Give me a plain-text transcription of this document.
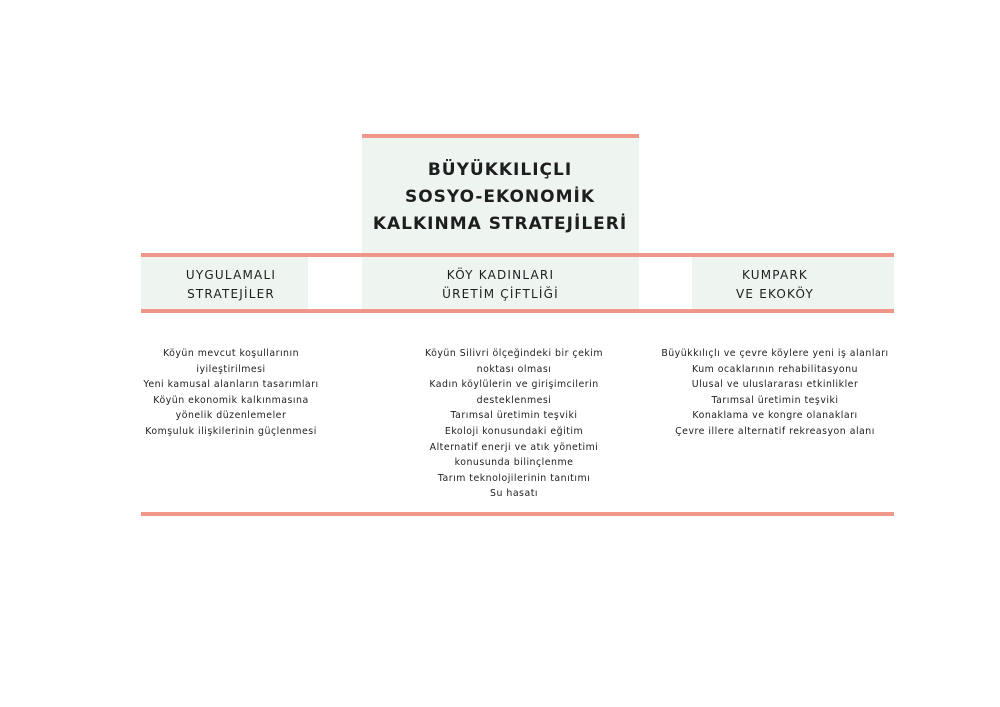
BÜYÜKKILIÇLI
SOSYO-EKONOMİK
KALKINMA STRATEJİLERİ
UYGULAMALI
STRATEJİLER
KÖY KADINLARI
ÜRETİM ÇİFTLİĞİ
KUMPARK
VE EKOKÖY
Köyün mevcut koşullarının
iyileştirilmesi
Yeni kamusal alanların tasarımları
Köyün ekonomik kalkınmasına
yönelik düzenlemeler
Komşuluk ilişkilerinin güçlenmesi
Köyün Silivri ölçeğindeki bir çekim
noktası olması
Kadın köylülerin ve girişimcilerin
desteklenmesi
Tarımsal üretimin teşviki
Ekoloji konusundaki eğitim
Alternatif enerji ve atık yönetimi
konusunda bilinçlenme
Tarım teknolojilerinin tanıtımı
Su hasatı
Büyükkılıçlı ve çevre köylere yeni iş alanları
Kum ocaklarının rehabilitasyonu
Ulusal ve uluslararası etkinlikler
Tarımsal üretimin teşviki
Konaklama ve kongre olanakları
Çevre illere alternatif rekreasyon alanı
